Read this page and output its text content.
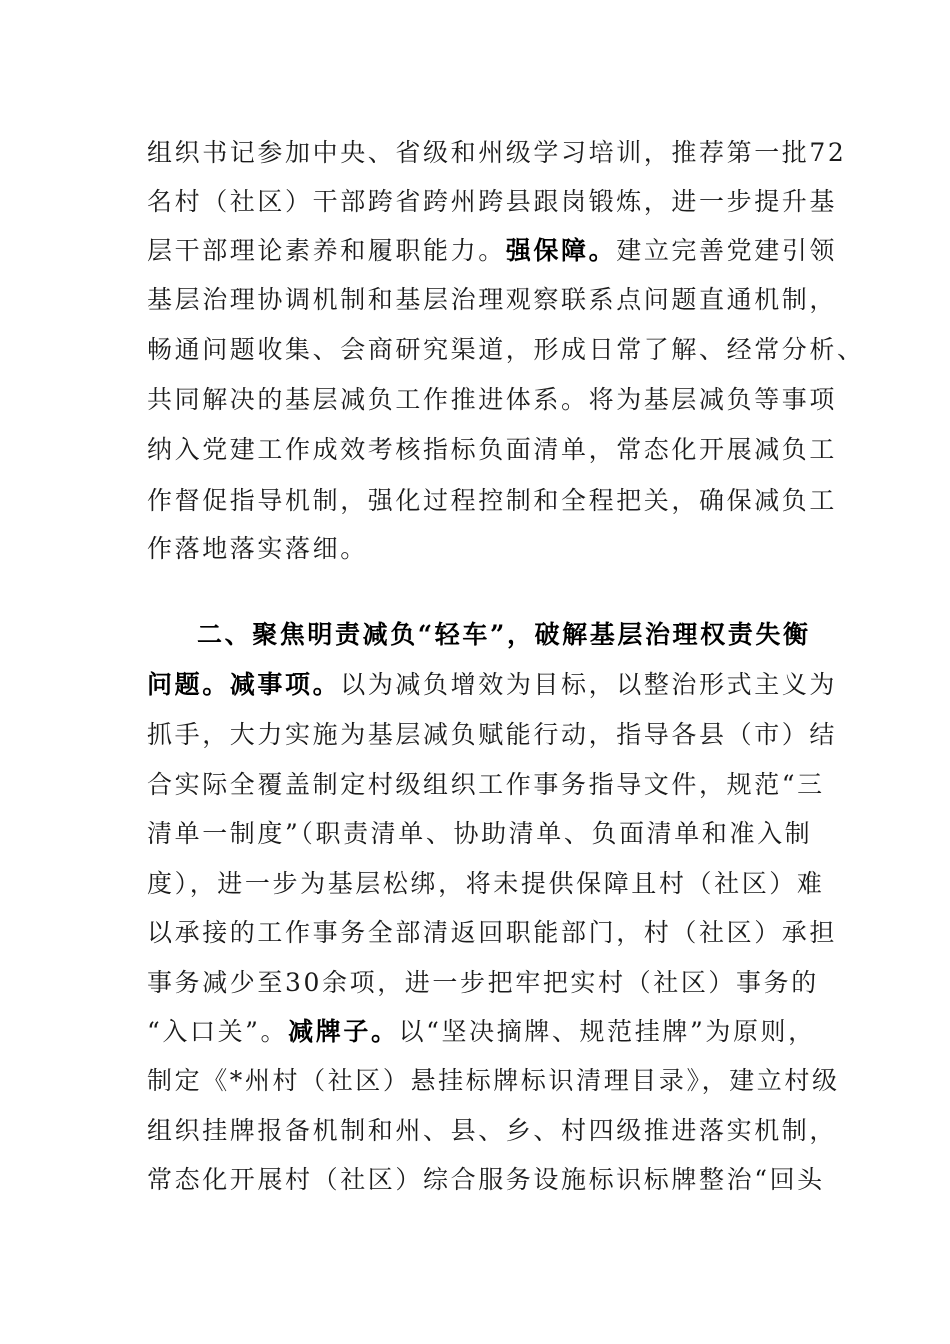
组织书记参加中央、省级和州级学习培训，推荐第一批72
名村（社区）干部跨省跨州跨县跟岗锻炼，进一步提升基
层干部理论素养和履职能力。强保障。建立完善党建引领
基层治理协调机制和基层治理观察联系点问题直通机制，
畅通问题收集、会商研究渠道，形成日常了解、经常分析、
共同解决的基层减负工作推进体系。将为基层减负等事项
纳入党建工作成效考核指标负面清单，常态化开展减负工
作督促指导机制，强化过程控制和全程把关，确保减负工
作落地落实落细。
二、聚焦明责减负“轻车”，破解基层治理权责失衡
问题。减事项。以为减负增效为目标，以整治形式主义为
抓手，大力实施为基层减负赋能行动，指导各县（市）结
合实际全覆盖制定村级组织工作事务指导文件，规范“三
清单一制度”（职责清单、协助清单、负面清单和准入制
度），进一步为基层松绑，将未提供保障且村（社区）难
以承接的工作事务全部清返回职能部门，村（社区）承担
事务减少至30余项，进一步把牢把实村（社区）事务的
“入口关”。减牌子。以“坚决摘牌、规范挂牌”为原则，
制定《*州村（社区）悬挂标牌标识清理目录》，建立村级
组织挂牌报备机制和州、县、乡、村四级推进落实机制，
常态化开展村（社区）综合服务设施标识标牌整治“回头
